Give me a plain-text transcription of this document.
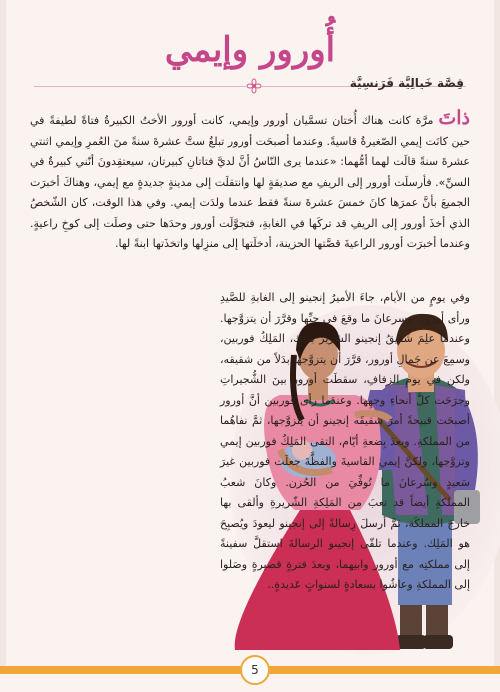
أُورور وإيمي
قِصَّة خَيالِيَّة فَرَنسِيَّة

ذاتَ مرَّة كانت هناك أُختان تسمَّيان أورور وإيمي، كانت أورور الأختُ الكبيرةُ فتاةً لطيفةً في حين كانَت إيمي الصّغيرةُ قاسيةً. وعندما أصبحَت أورور تبلغُ ستَّ عشرةَ سنةً منَ العُمرِ وإيمي اثنتي عشرةَ سنةً قالَت لهما أمُّهما: «عندما يرى النّاسُ أنَّ لديَّ فتاتانِ كبيرتان، سيعتقِدونَ أنّني كبيرةٌ في السنِّ». فأرسلَت أورور إلى الريفِ مع صديقةٍ لها وانتقلَت إلى مدينةٍ جديدةٍ مع إيمي، وهناكَ أخبرَت الجميعَ بأنَّ عمرَها كانَ خمسَ عشرةَ سنةً فقط عندما ولدَت إيمي. وفي هذا الوقت، كان الشّخصُ الذي أخذَ أورور إلى الريفِ قد تركَها في الغابةِ، فتجوَّلَت أورور وحدَها حتى وصلَت إلى كوخِ راعيةٍ. وعندما أخبرَت أورور الراعيةَ قصَّتها الحزينة، أدخلَتها إلى منزِلها واتخذَتها ابنةً لها.

وفي يومٍ من الأيام، جاءَ الأميرُ إنجينو إلى الغابةِ للصَّيدِ ورأى أورور، وسرعانَ ما وقعَ في حبِّها وقرَّرَ أن يتزوَّجها. وعندما علِمَ شَقيقُ إنجينو الشريرُ بذلك، المَلِكُ فوربين، وسمِعَ عن جَمالِ أورور، قرَّرَ أن يتزوَّجها بدَلاً من شقيقه، ولكن في يومِ الزفافِ، سقطَت أورور بينَ الشُّجيراتِ وجرَحَت كلَّ أنحاءِ وجهِها. وعندَما رأى فوربين أنَّ أورور أصبحَت قبيحةً أمرَ شقيقَه إنجينو أن يتزوَّجها، ثمَّ نفاهُما من المملكةِ. وبعدَ بِضعةِ أيّام، التقى المَلِكُ فوربين إيمي وتزوَّجها، ولكنَّ إيمي القاسيةَ والفظَّةَ جعلَت فوربين غيرَ سَعيدٍ وسُرعانَ ما تُوفِّيَ من الحُزن. وكانَ شعبُ المملكةِ أيضاً قد تعبَ من المَلِكةِ الشّريرةِ وألقى بها خارجَ المملكَة، ثمَّ أرسلَ رِسالةً إلى إنجينو ليعودَ ويُصبِحَ هو المَلِك. وعندما تلقّى إنجينو الرسالةَ استقلَّ سفينةً إلى مملكتِه مع أورور وابنِهما، وبعدَ فترةٍ قصيرةٍ وصَلوا إلى المملكةِ وعاشُوا بسعادةٍ لسنواتٍ عَديدةٍ..

5
